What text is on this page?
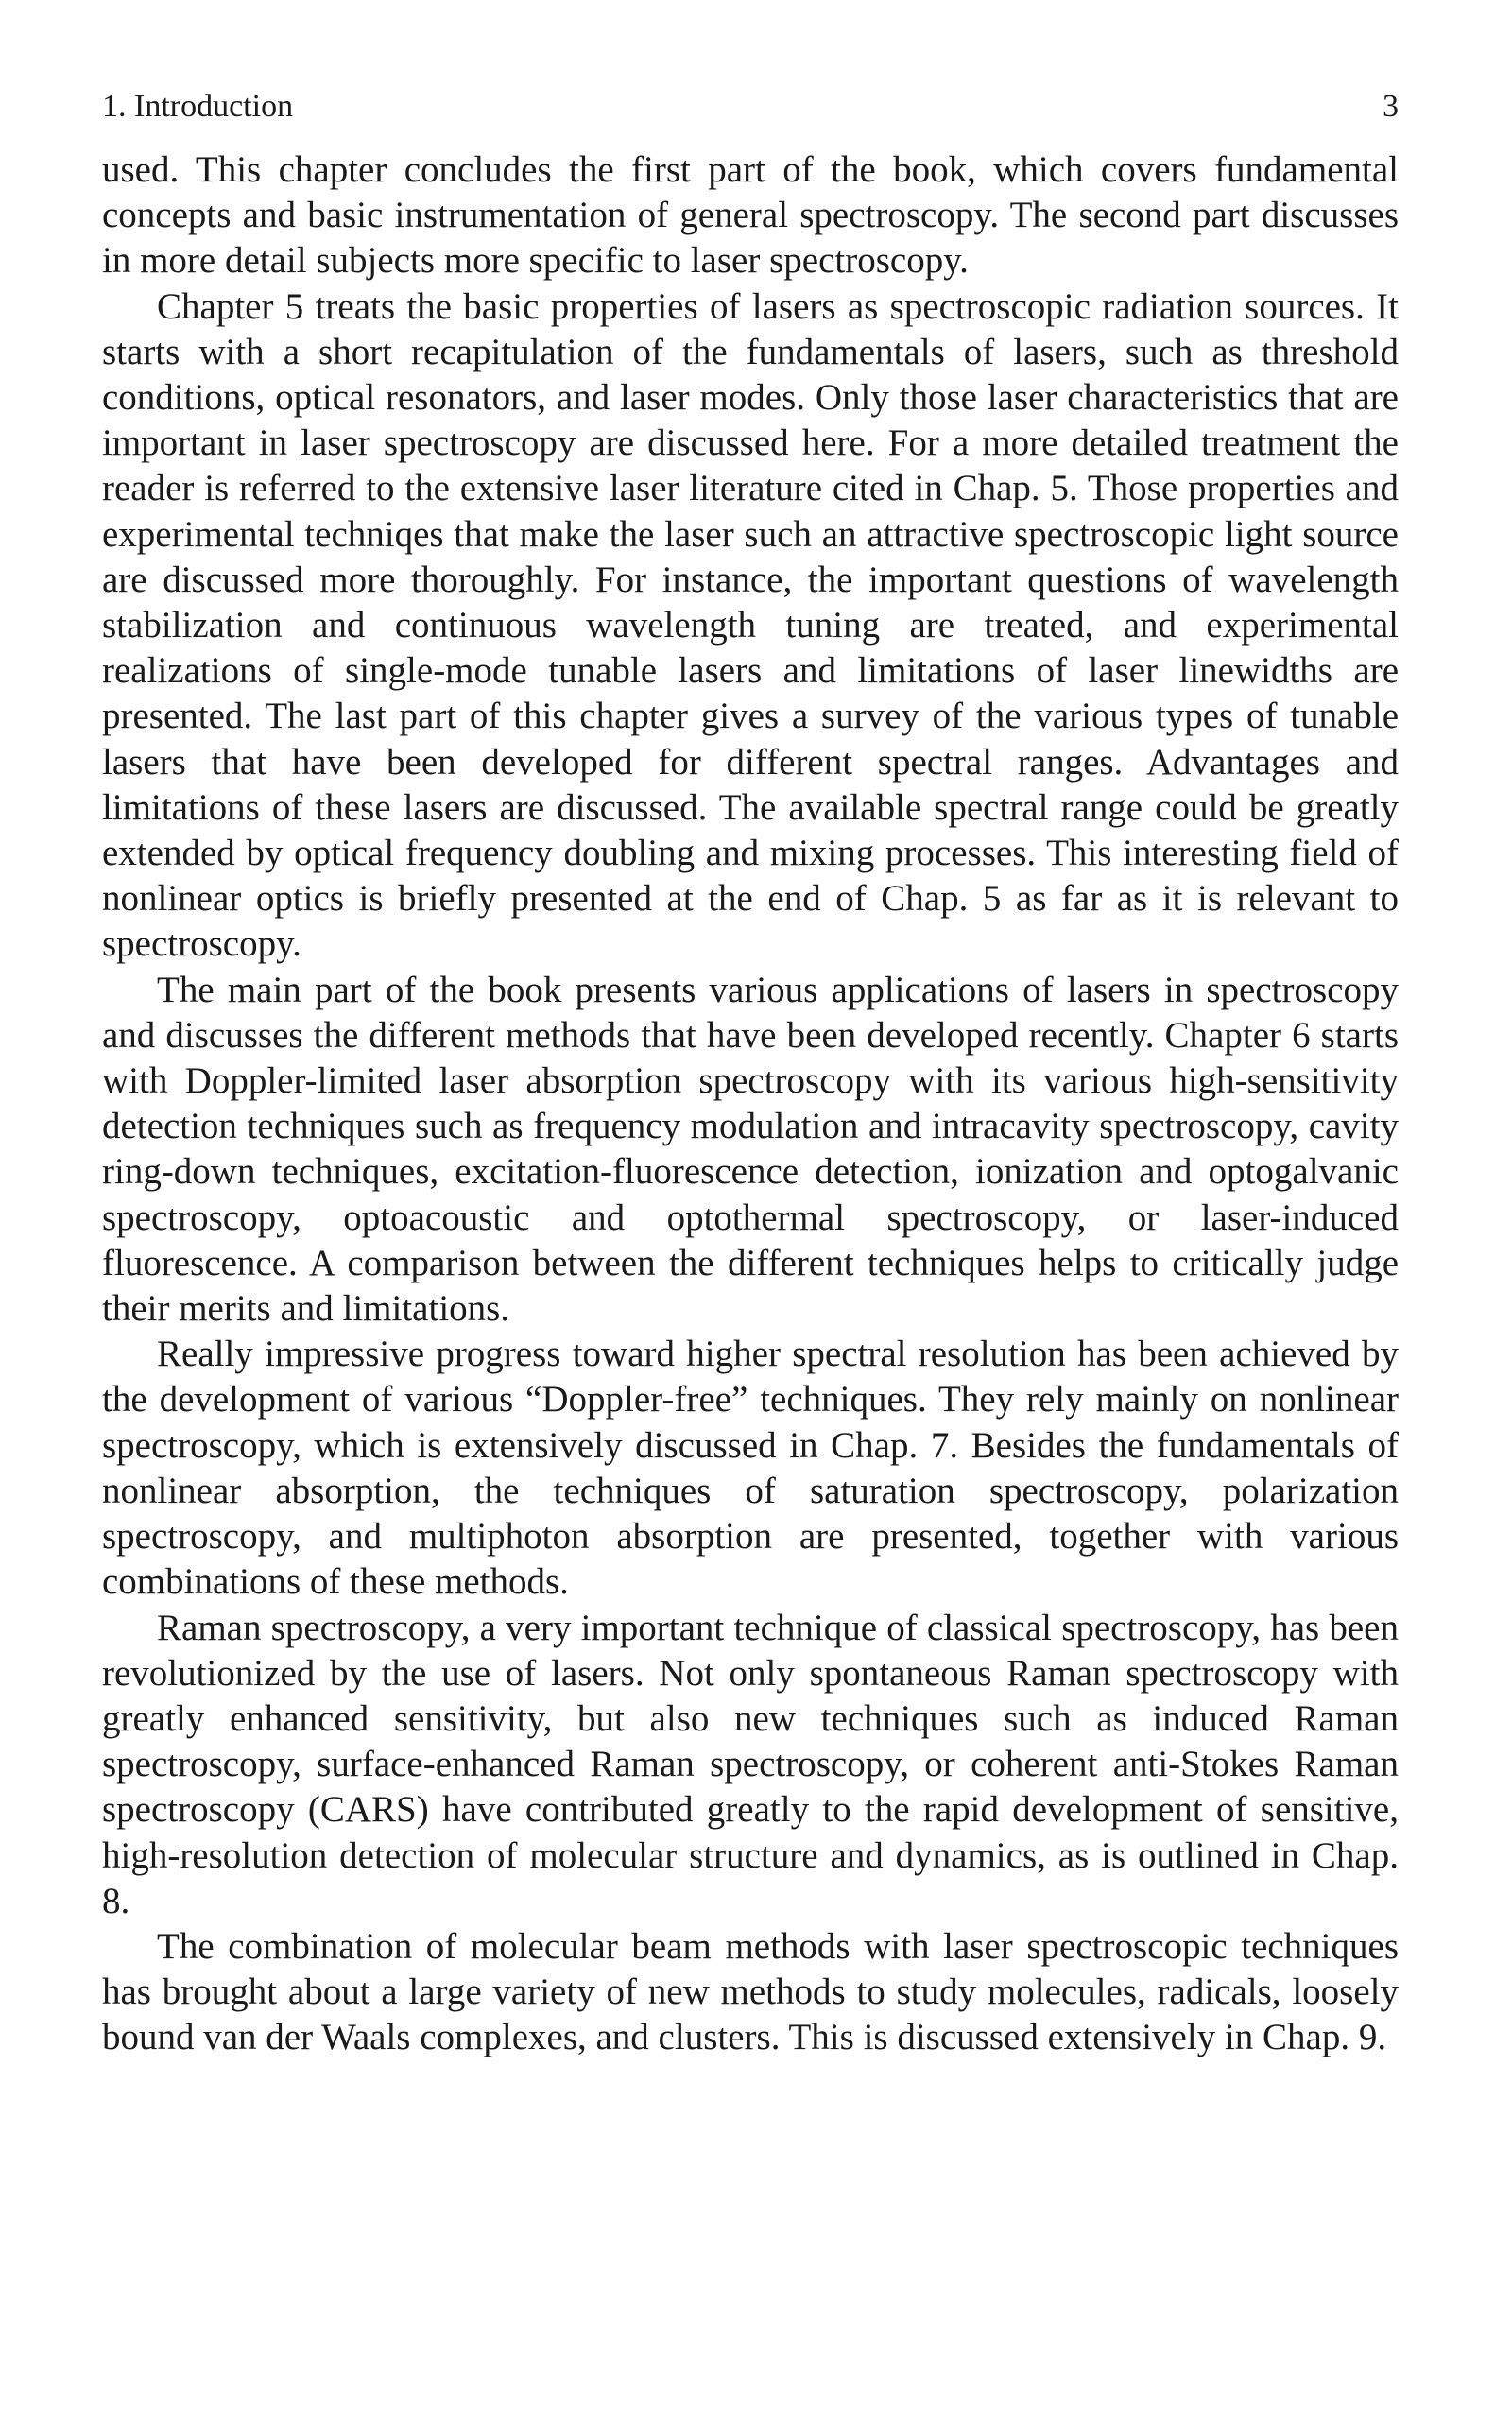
1. Introduction	3

used. This chapter concludes the first part of the book, which covers fundamental concepts and basic instrumentation of general spectroscopy. The second part discusses in more detail subjects more specific to laser spectroscopy.

Chapter 5 treats the basic properties of lasers as spectroscopic radiation sources. It starts with a short recapitulation of the fundamentals of lasers, such as threshold conditions, optical resonators, and laser modes. Only those laser characteristics that are important in laser spectroscopy are discussed here. For a more detailed treatment the reader is referred to the extensive laser literature cited in Chap. 5. Those properties and experimental techniqes that make the laser such an attractive spectroscopic light source are discussed more thoroughly. For instance, the important questions of wavelength stabilization and continuous wavelength tuning are treated, and experimental realizations of single-mode tunable lasers and limitations of laser linewidths are presented. The last part of this chapter gives a survey of the various types of tunable lasers that have been developed for different spectral ranges. Advantages and limitations of these lasers are discussed. The available spectral range could be greatly extended by optical frequency doubling and mixing processes. This interesting field of nonlinear optics is briefly presented at the end of Chap. 5 as far as it is relevant to spectroscopy.

The main part of the book presents various applications of lasers in spectroscopy and discusses the different methods that have been developed recently. Chapter 6 starts with Doppler-limited laser absorption spectroscopy with its various high-sensitivity detection techniques such as frequency modulation and intracavity spectroscopy, cavity ring-down techniques, excitation-fluorescence detection, ionization and optogalvanic spectroscopy, optoacoustic and optothermal spectroscopy, or laser-induced fluorescence. A comparison between the different techniques helps to critically judge their merits and limitations.

Really impressive progress toward higher spectral resolution has been achieved by the development of various “Doppler-free” techniques. They rely mainly on nonlinear spectroscopy, which is extensively discussed in Chap. 7. Besides the fundamentals of nonlinear absorption, the techniques of saturation spectroscopy, polarization spectroscopy, and multiphoton absorption are presented, together with various combinations of these methods.

Raman spectroscopy, a very important technique of classical spectroscopy, has been revolutionized by the use of lasers. Not only spontaneous Raman spectroscopy with greatly enhanced sensitivity, but also new techniques such as induced Raman spectroscopy, surface-enhanced Raman spectroscopy, or coherent anti-Stokes Raman spectroscopy (CARS) have contributed greatly to the rapid development of sensitive, high-resolution detection of molecular structure and dynamics, as is outlined in Chap. 8.

The combination of molecular beam methods with laser spectroscopic techniques has brought about a large variety of new methods to study molecules, radicals, loosely bound van der Waals complexes, and clusters. This is discussed extensively in Chap. 9.
